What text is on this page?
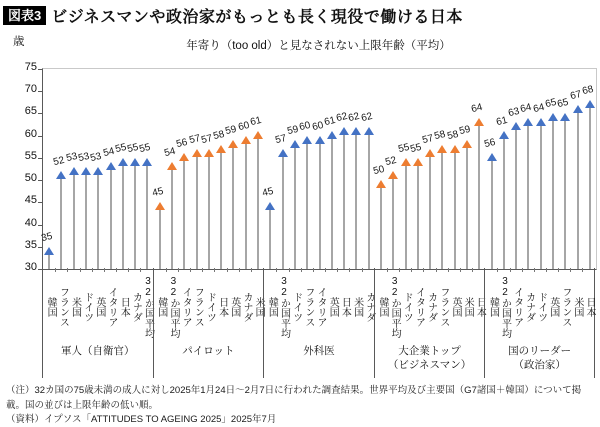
図表3 ビジネスマンや政治家がもっとも長く現役で働ける日本
歳	年寄り（too old）と見なされない上限年齢（平均）
30
35
40
45
50
55
60
65
70
75
35
52
53
53
53
54
55
55
55
45
54
56
57
57
58
59
60
61
45
57
59
60
60
61
62
62
62
50
52
55
55
57
58
58
59
64
56
61
63
64
64
65
65
67
68
韓国 フランス 米国 ドイツ 英国 イタリア 日本 カナダ 32か国平均
軍人（自衛官）
韓国 32か国平均 イタリア フランス ドイツ 日本 英国 カナダ 米国
パイロット
韓国 32か国平均 ドイツ フランス イタリア 英国 日本 米国 カナダ
外科医
韓国 32か国平均 ドイツ イタリア カナダ フランス 英国 米国 日本
大企業トップ
（ビジネスマン）
韓国 32か国平均 イタリア カナダ ドイツ 英国 フランス 米国 日本
国のリーダー
（政治家）

（注）32カ国の75歳未満の成人に対し2025年1月24日〜2月7日に行われた調査結果。世界平均及び主要国（G7諸国＋韓国）について掲載。国の並びは上限年齢の低い順。

（資料）イプソス「ATTITUDES TO AGEING 2025」2025年7月
